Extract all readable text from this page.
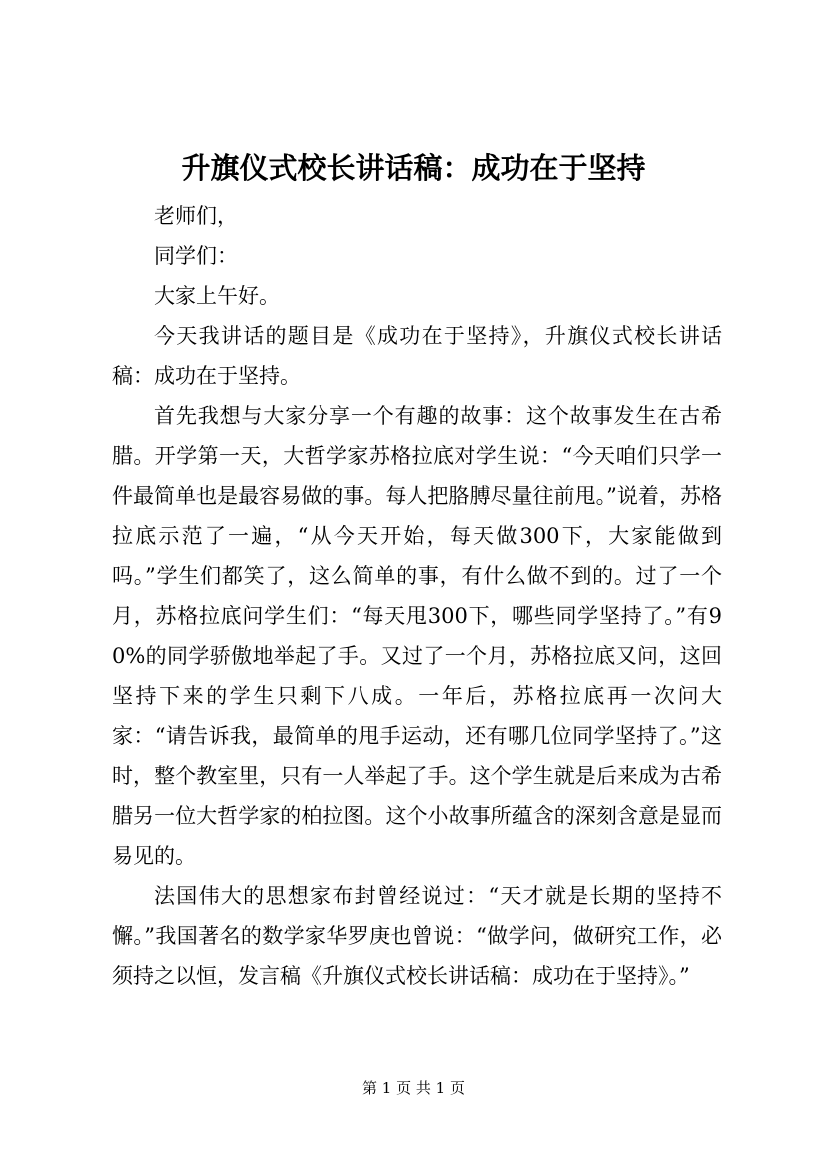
升旗仪式校长讲话稿：成功在于坚持

老师们，

同学们：

大家上午好。

今天我讲话的题目是《成功在于坚持》，升旗仪式校长讲话稿：成功在于坚持。

首先我想与大家分享一个有趣的故事：这个故事发生在古希腊。开学第一天，大哲学家苏格拉底对学生说：“今天咱们只学一件最简单也是最容易做的事。每人把胳膊尽量往前甩。”说着，苏格拉底示范了一遍，“从今天开始，每天做300下，大家能做到吗。”学生们都笑了，这么简单的事，有什么做不到的。过了一个月，苏格拉底问学生们：“每天甩300下，哪些同学坚持了。”有90%的同学骄傲地举起了手。又过了一个月，苏格拉底又问，这回坚持下来的学生只剩下八成。一年后，苏格拉底再一次问大家：“请告诉我，最简单的甩手运动，还有哪几位同学坚持了。”这时，整个教室里，只有一人举起了手。这个学生就是后来成为古希腊另一位大哲学家的柏拉图。这个小故事所蕴含的深刻含意是显而易见的。

法国伟大的思想家布封曾经说过：“天才就是长期的坚持不懈。”我国著名的数学家华罗庚也曾说：“做学问，做研究工作，必须持之以恒，发言稿《升旗仪式校长讲话稿：成功在于坚持》。”

第 1 页 共 1 页
